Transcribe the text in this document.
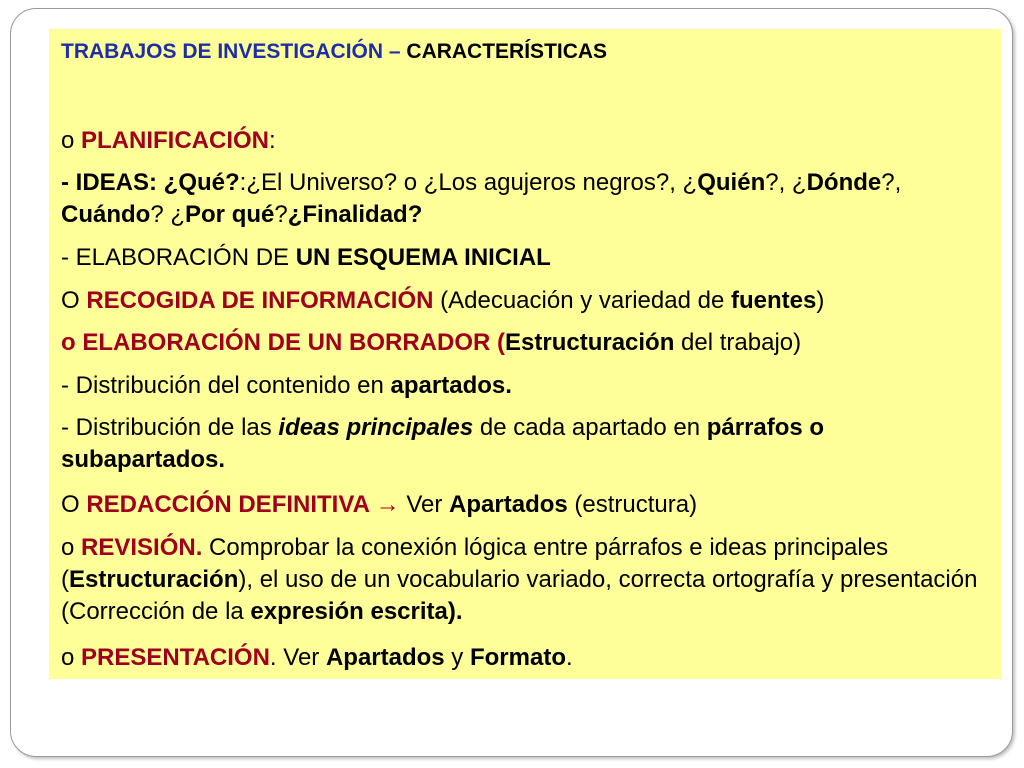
TRABAJOS DE INVESTIGACIÓN – CARACTERÍSTICAS
o PLANIFICACIÓN:
- IDEAS: ¿Qué?:¿El Universo? o ¿Los agujeros negros?, ¿Quién?, ¿Dónde?, Cuándo? ¿Por qué?¿Finalidad?
- ELABORACIÓN DE UN ESQUEMA INICIAL
O RECOGIDA DE INFORMACIÓN (Adecuación y variedad de fuentes)
o ELABORACIÓN DE UN BORRADOR (Estructuración del trabajo)
- Distribución del contenido en apartados.
- Distribución de las ideas principales de cada apartado en párrafos o subapartados.
O REDACCIÓN DEFINITIVA → Ver Apartados (estructura)
o REVISIÓN. Comprobar la conexión lógica entre párrafos e ideas principales (Estructuración), el uso de un vocabulario variado, correcta ortografía y presentación (Corrección de la expresión escrita).
o PRESENTACIÓN. Ver Apartados y Formato.
